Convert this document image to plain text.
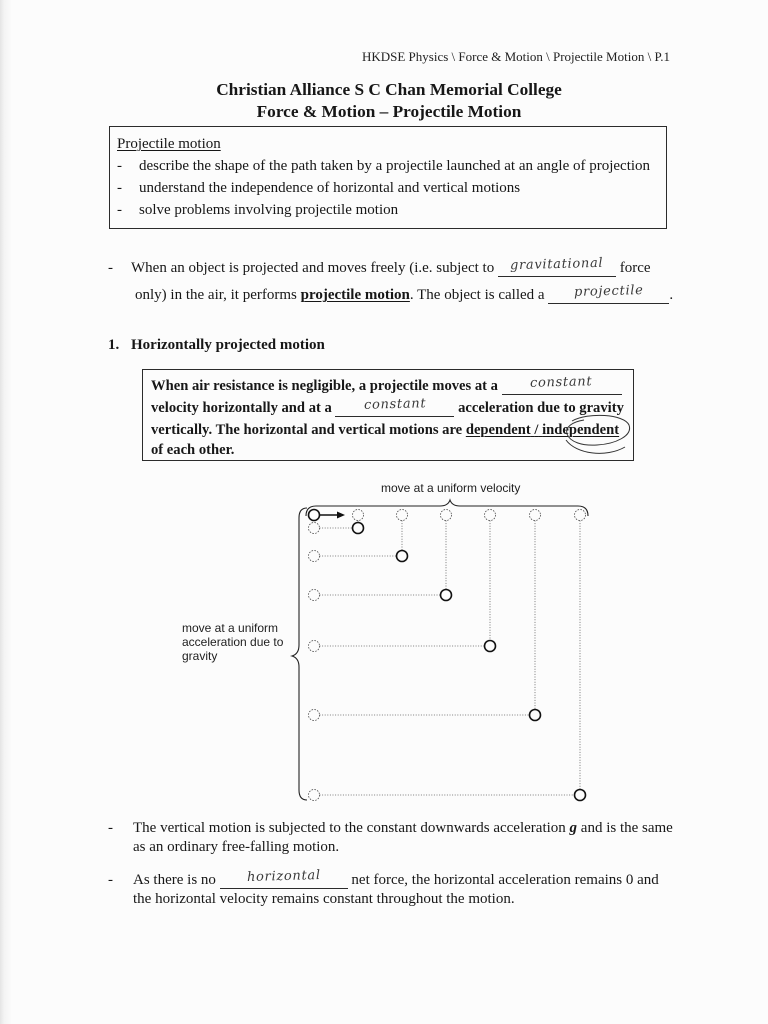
HKDSE Physics \ Force & Motion \ Projectile Motion \ P.1
Christian Alliance S C Chan Memorial College
Force & Motion – Projectile Motion
Projectile motion
- describe the shape of the path taken by a projectile launched at an angle of projection
- understand the independence of horizontal and vertical motions
- solve problems involving projectile motion
- When an object is projected and moves freely (i.e. subject to gravitational force
only) in the air, it performs projectile motion. The object is called a projectile .
1. Horizontally projected motion
When air resistance is negligible, a projectile moves at a constant
velocity horizontally and at a constant acceleration due to gravity
vertically. The horizontal and vertical motions are dependent / independent
of each other.
move at a uniform velocity
move at a uniform
acceleration due to
gravity
- The vertical motion is subjected to the constant downwards acceleration g and is the same
as an ordinary free-falling motion.
- As there is no horizontal net force, the horizontal acceleration remains 0 and
the horizontal velocity remains constant throughout the motion.
